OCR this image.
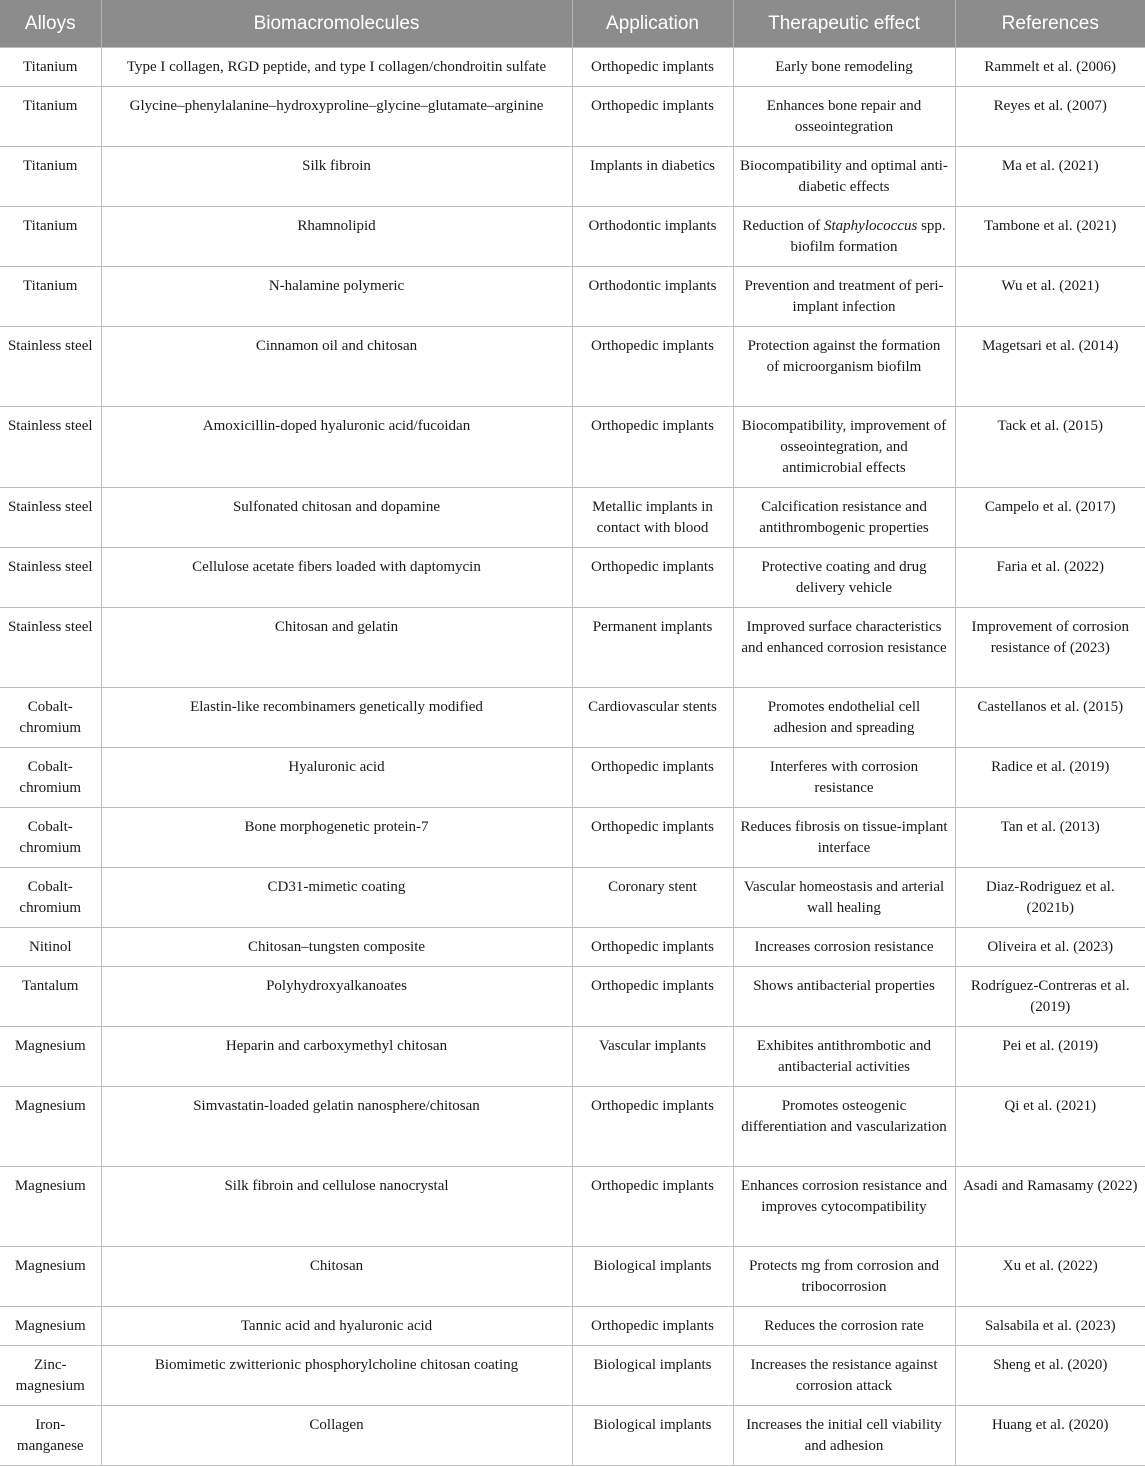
Alloys	Biomacromolecules	Application	Therapeutic effect	References
Titanium	Type I collagen, RGD peptide, and type I collagen/chondroitin sulfate	Orthopedic implants	Early bone remodeling	Rammelt et al. (2006)
Titanium	Glycine–phenylalanine–hydroxyproline–glycine–glutamate–arginine	Orthopedic implants	Enhances bone repair and osseointegration	Reyes et al. (2007)
Titanium	Silk fibroin	Implants in diabetics	Biocompatibility and optimal anti-diabetic effects	Ma et al. (2021)
Titanium	Rhamnolipid	Orthodontic implants	Reduction of Staphylococcus spp. biofilm formation	Tambone et al. (2021)
Titanium	N-halamine polymeric	Orthodontic implants	Prevention and treatment of peri-implant infection	Wu et al. (2021)
Stainless steel	Cinnamon oil and chitosan	Orthopedic implants	Protection against the formation of microorganism biofilm	Magetsari et al. (2014)
Stainless steel	Amoxicillin-doped hyaluronic acid/fucoidan	Orthopedic implants	Biocompatibility, improvement of osseointegration, and antimicrobial effects	Tack et al. (2015)
Stainless steel	Sulfonated chitosan and dopamine	Metallic implants in contact with blood	Calcification resistance and antithrombogenic properties	Campelo et al. (2017)
Stainless steel	Cellulose acetate fibers loaded with daptomycin	Orthopedic implants	Protective coating and drug delivery vehicle	Faria et al. (2022)
Stainless steel	Chitosan and gelatin	Permanent implants	Improved surface characteristics and enhanced corrosion resistance	Improvement of corrosion resistance of (2023)
Cobalt-chromium	Elastin-like recombinamers genetically modified	Cardiovascular stents	Promotes endothelial cell adhesion and spreading	Castellanos et al. (2015)
Cobalt-chromium	Hyaluronic acid	Orthopedic implants	Interferes with corrosion resistance	Radice et al. (2019)
Cobalt-chromium	Bone morphogenetic protein-7	Orthopedic implants	Reduces fibrosis on tissue-implant interface	Tan et al. (2013)
Cobalt-chromium	CD31-mimetic coating	Coronary stent	Vascular homeostasis and arterial wall healing	Diaz-Rodriguez et al. (2021b)
Nitinol	Chitosan–tungsten composite	Orthopedic implants	Increases corrosion resistance	Oliveira et al. (2023)
Tantalum	Polyhydroxyalkanoates	Orthopedic implants	Shows antibacterial properties	Rodríguez-Contreras et al. (2019)
Magnesium	Heparin and carboxymethyl chitosan	Vascular implants	Exhibites antithrombotic and antibacterial activities	Pei et al. (2019)
Magnesium	Simvastatin-loaded gelatin nanosphere/chitosan	Orthopedic implants	Promotes osteogenic differentiation and vascularization	Qi et al. (2021)
Magnesium	Silk fibroin and cellulose nanocrystal	Orthopedic implants	Enhances corrosion resistance and improves cytocompatibility	Asadi and Ramasamy (2022)
Magnesium	Chitosan	Biological implants	Protects mg from corrosion and tribocorrosion	Xu et al. (2022)
Magnesium	Tannic acid and hyaluronic acid	Orthopedic implants	Reduces the corrosion rate	Salsabila et al. (2023)
Zinc-magnesium	Biomimetic zwitterionic phosphorylcholine chitosan coating	Biological implants	Increases the resistance against corrosion attack	Sheng et al. (2020)
Iron-manganese	Collagen	Biological implants	Increases the initial cell viability and adhesion	Huang et al. (2020)
